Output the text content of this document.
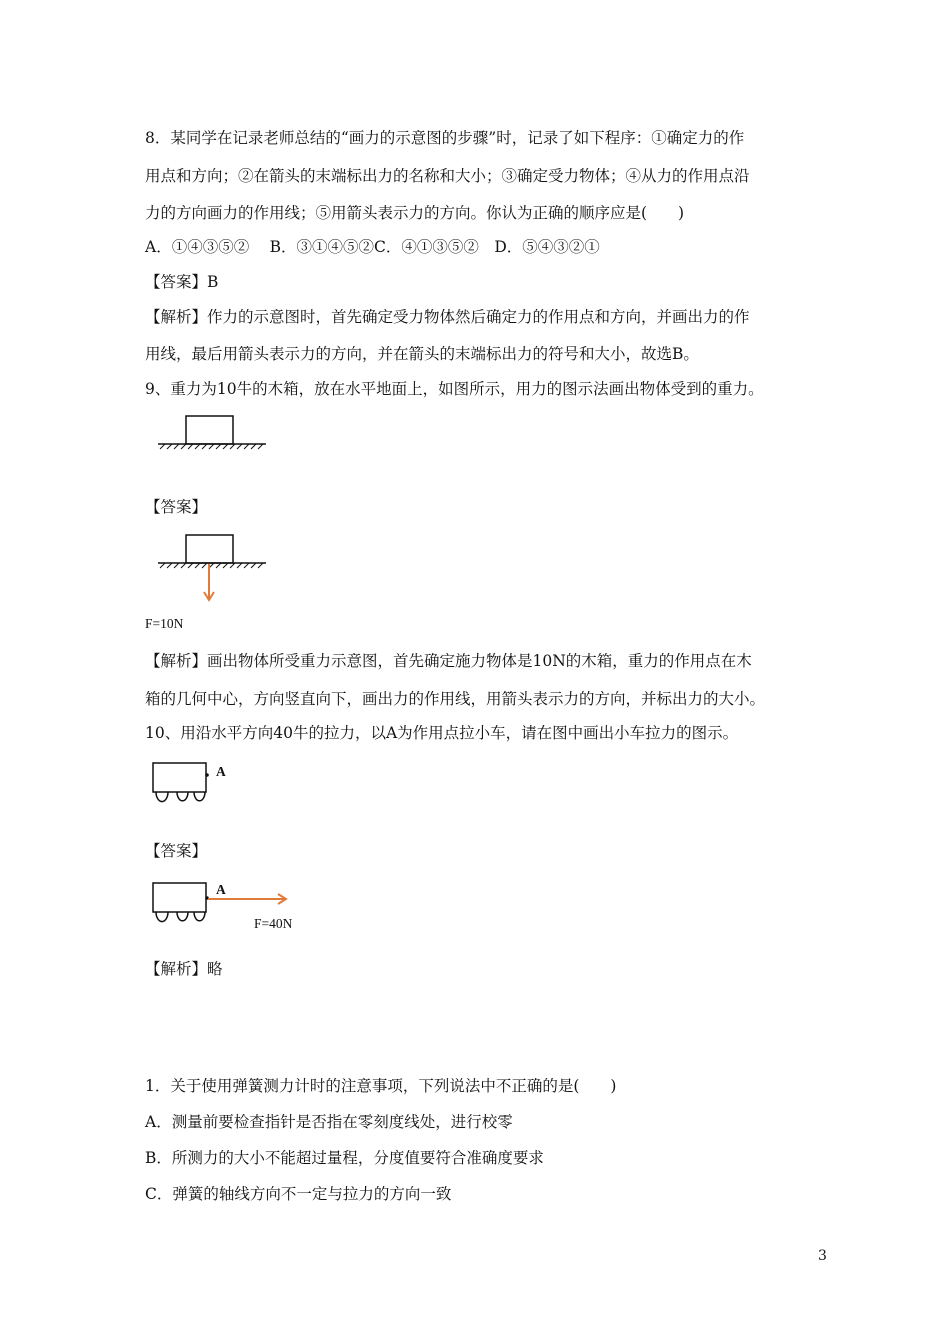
8．某同学在记录老师总结的“画力的示意图的步骤”时，记录了如下程序：①确定力的作
用点和方向；②在箭头的末端标出力的名称和大小；③确定受力物体；④从力的作用点沿
力的方向画力的作用线；⑤用箭头表示力的方向。你认为正确的顺序应是(　　)
A．①④③⑤②　 B．③①④⑤②C．④①③⑤②　D．⑤④③②①
【答案】B
【解析】作力的示意图时，首先确定受力物体然后确定力的作用点和方向，并画出力的作
用线，最后用箭头表示力的方向，并在箭头的末端标出力的符号和大小，故选B。
9、重力为10牛的木箱，放在水平地面上，如图所示，用力的图示法画出物体受到的重力。
【答案】
F=10N
【解析】画出物体所受重力示意图，首先确定施力物体是10N的木箱，重力的作用点在木
箱的几何中心，方向竖直向下，画出力的作用线，用箭头表示力的方向，并标出力的大小。
10、用沿水平方向40牛的拉力，以A为作用点拉小车，请在图中画出小车拉力的图示。
A
【答案】
A
F=40N
【解析】略
1．关于使用弹簧测力计时的注意事项，下列说法中不正确的是(　　)
A．测量前要检查指针是否指在零刻度线处，进行校零
B．所测力的大小不能超过量程，分度值要符合准确度要求
C．弹簧的轴线方向不一定与拉力的方向一致
3
